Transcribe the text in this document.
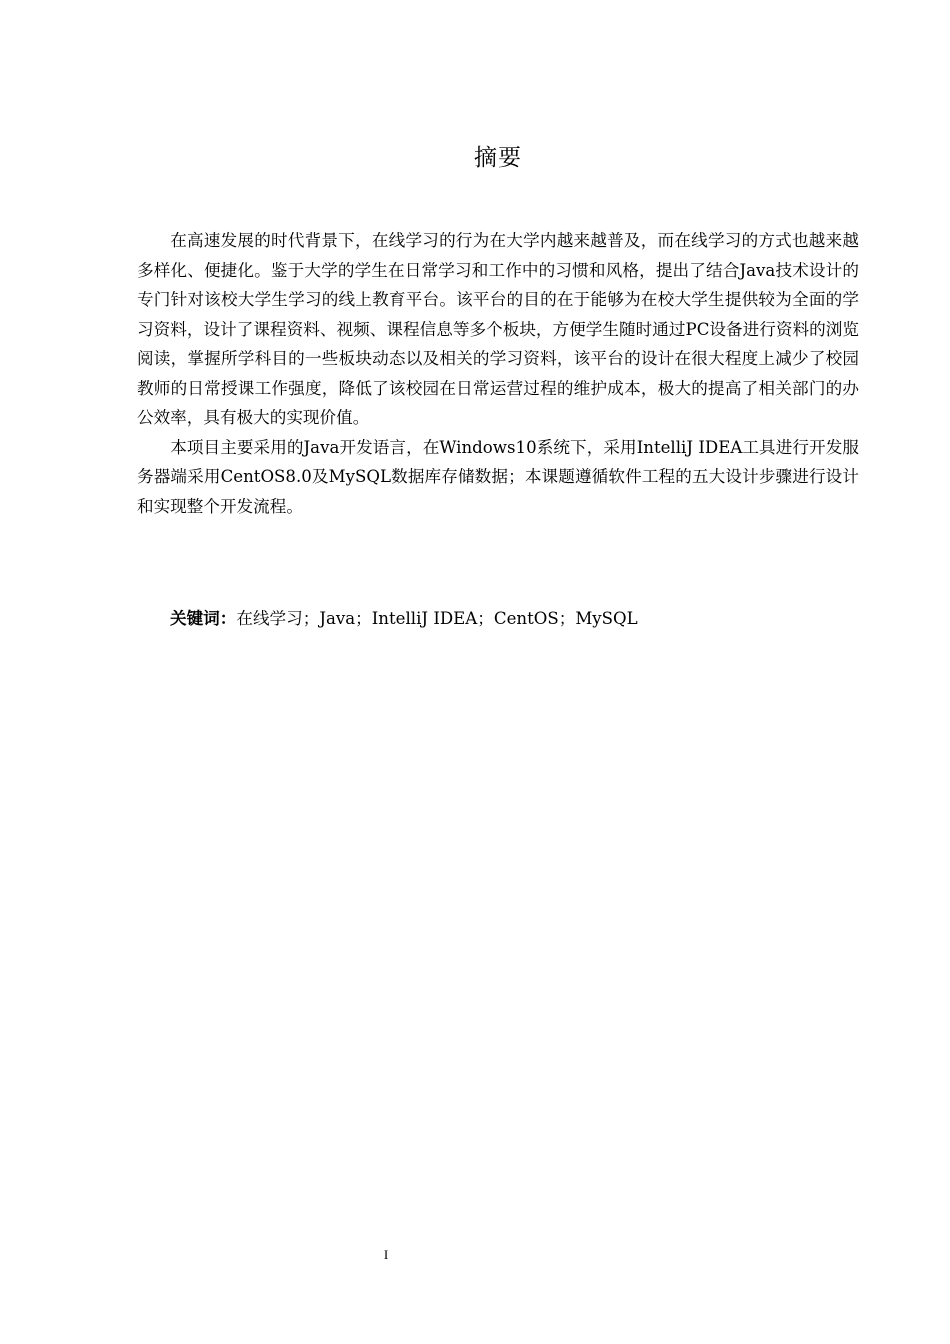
摘要

在高速发展的时代背景下，在线学习的行为在大学内越来越普及，而在线学习的方式也越来越多样化、便捷化。鉴于大学的学生在日常学习和工作中的习惯和风格，提出了结合Java技术设计的专门针对该校大学生学习的线上教育平台。该平台的目的在于能够为在校大学生提供较为全面的学习资料，设计了课程资料、视频、课程信息等多个板块，方便学生随时通过PC设备进行资料的浏览阅读，掌握所学科目的一些板块动态以及相关的学习资料，该平台的设计在很大程度上减少了校园教师的日常授课工作强度，降低了该校园在日常运营过程的维护成本，极大的提高了相关部门的办公效率，具有极大的实现价值。

本项目主要采用的Java开发语言，在Windows10系统下，采用IntelliJ IDEA工具进行开发服务器端采用CentOS8.0及MySQL数据库存储数据；本课题遵循软件工程的五大设计步骤进行设计和实现整个开发流程。

关键词：在线学习；Java；IntelliJ IDEA；CentOS；MySQL
I
